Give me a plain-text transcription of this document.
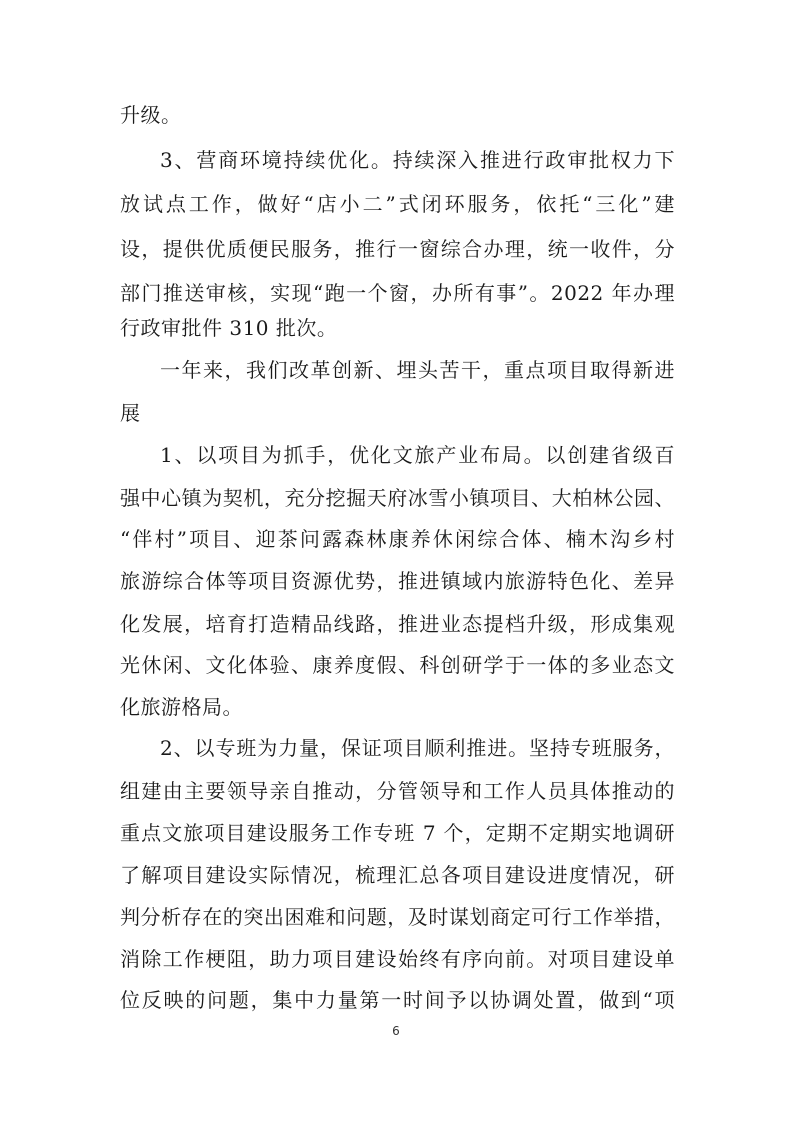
升级。
3、营商环境持续优化。持续深入推进行政审批权力下
放试点工作，做好“店小二”式闭环服务，依托“三化”建
设，提供优质便民服务，推行一窗综合办理，统一收件，分
部门推送审核，实现“跑一个窗，办所有事”。2022 年办理
行政审批件 310 批次。
一年来，我们改革创新、埋头苦干，重点项目取得新进
展
1、以项目为抓手，优化文旅产业布局。以创建省级百
强中心镇为契机，充分挖掘天府冰雪小镇项目、大柏林公园、
“伴村”项目、迎茶问露森林康养休闲综合体、楠木沟乡村
旅游综合体等项目资源优势，推进镇域内旅游特色化、差异
化发展，培育打造精品线路，推进业态提档升级，形成集观
光休闲、文化体验、康养度假、科创研学于一体的多业态文
化旅游格局。
2、以专班为力量，保证项目顺利推进。坚持专班服务，
组建由主要领导亲自推动，分管领导和工作人员具体推动的
重点文旅项目建设服务工作专班 7 个，定期不定期实地调研
了解项目建设实际情况，梳理汇总各项目建设进度情况，研
判分析存在的突出困难和问题，及时谋划商定可行工作举措，
消除工作梗阻，助力项目建设始终有序向前。对项目建设单
位反映的问题，集中力量第一时间予以协调处置，做到“项
6
